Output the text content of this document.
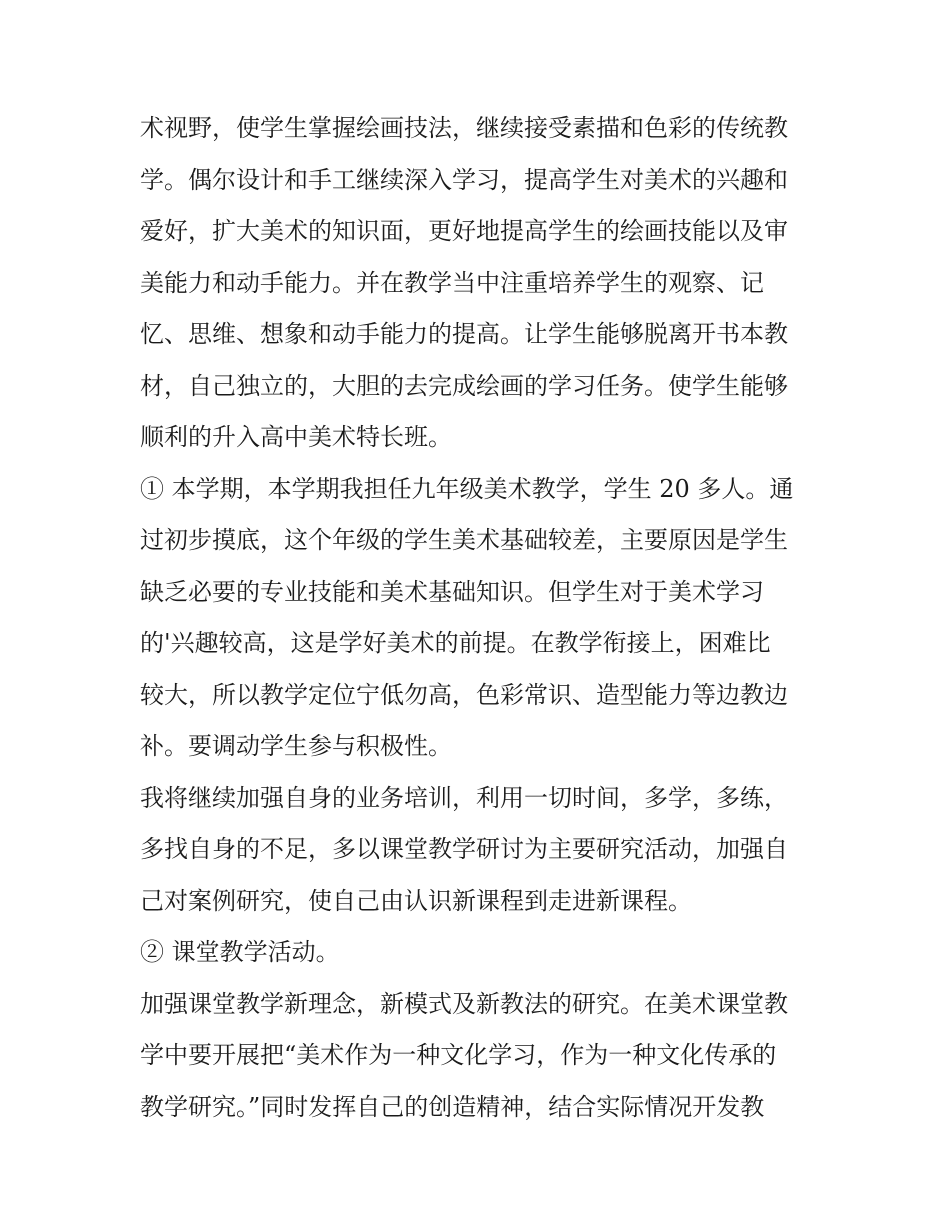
术视野，使学生掌握绘画技法，继续接受素描和色彩的传统教
学。偶尔设计和手工继续深入学习，提高学生对美术的兴趣和
爱好，扩大美术的知识面，更好地提高学生的绘画技能以及审
美能力和动手能力。并在教学当中注重培养学生的观察、记
忆、思维、想象和动手能力的提高。让学生能够脱离开书本教
材，自己独立的，大胆的去完成绘画的学习任务。使学生能够
顺利的升入高中美术特长班。
① 本学期，本学期我担任九年级美术教学，学生 20 多人。通
过初步摸底，这个年级的学生美术基础较差，主要原因是学生
缺乏必要的专业技能和美术基础知识。但学生对于美术学习
的'兴趣较高，这是学好美术的前提。在教学衔接上，困难比
较大，所以教学定位宁低勿高，色彩常识、造型能力等边教边
补。要调动学生参与积极性。
我将继续加强自身的业务培训，利用一切时间，多学，多练，
多找自身的不足，多以课堂教学研讨为主要研究活动，加强自
己对案例研究，使自己由认识新课程到走进新课程。
② 课堂教学活动。
加强课堂教学新理念，新模式及新教法的研究。在美术课堂教
学中要开展把“美术作为一种文化学习，作为一种文化传承的
教学研究。”同时发挥自己的创造精神，结合实际情况开发教
